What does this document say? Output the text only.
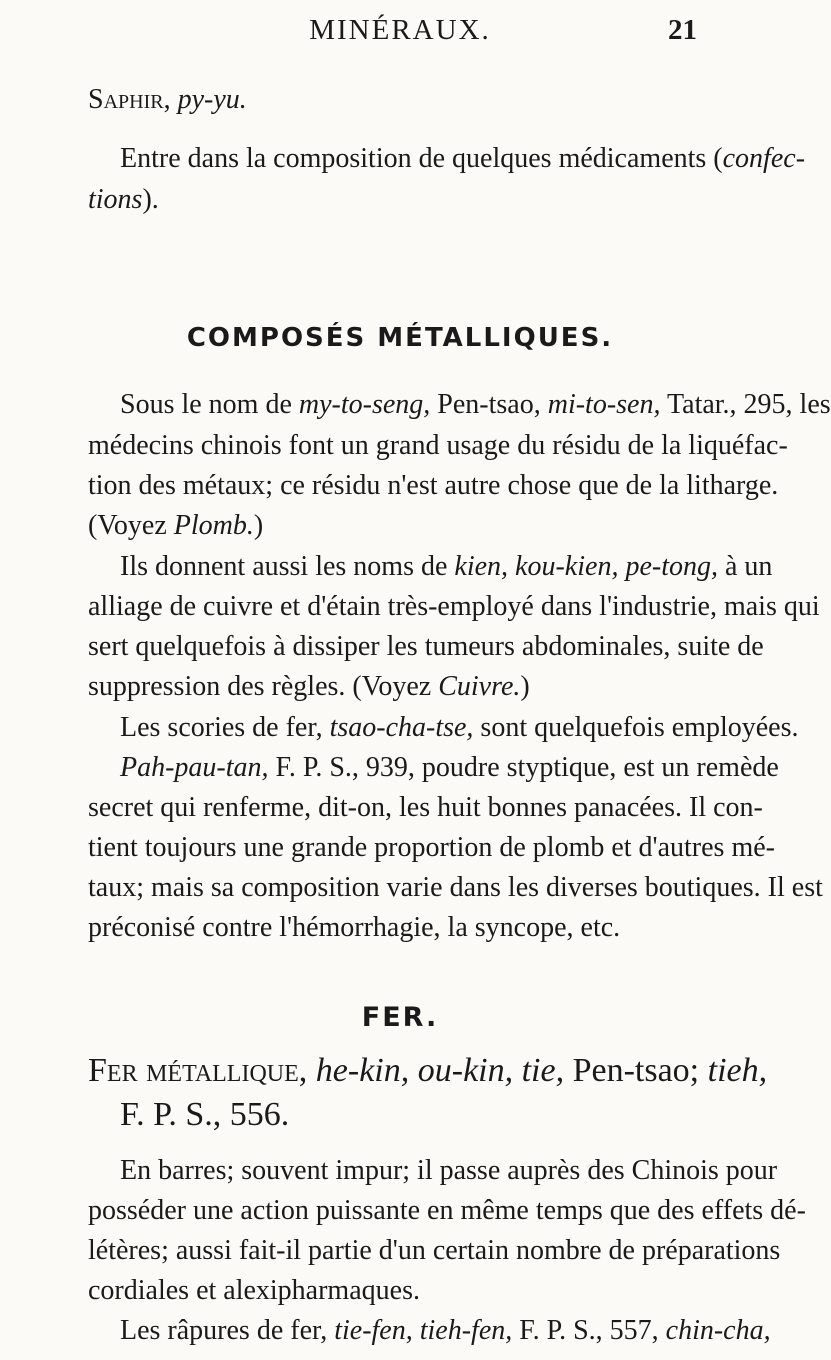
MINÉRAUX.	21
Saphir, py-yu.
Entre dans la composition de quelques médicaments (confec-
tions).
COMPOSÉS MÉTALLIQUES.
Sous le nom de my-to-seng, Pen-tsao, mi-to-sen, Tatar., 295, les
médecins chinois font un grand usage du résidu de la liquéfac-
tion des métaux; ce résidu n'est autre chose que de la litharge.
(Voyez Plomb.)
Ils donnent aussi les noms de kien, kou-kien, pe-tong, à un
alliage de cuivre et d'étain très-employé dans l'industrie, mais qui
sert quelquefois à dissiper les tumeurs abdominales, suite de
suppression des règles. (Voyez Cuivre.)
Les scories de fer, tsao-cha-tse, sont quelquefois employées.
Pah-pau-tan, F. P. S., 939, poudre styptique, est un remède
secret qui renferme, dit-on, les huit bonnes panacées. Il con-
tient toujours une grande proportion de plomb et d'autres mé-
taux; mais sa composition varie dans les diverses boutiques. Il est
préconisé contre l'hémorrhagie, la syncope, etc.
FER.
Fer métallique, he-kin, ou-kin, tie, Pen-tsao; tieh,
F. P. S., 556.
En barres; souvent impur; il passe auprès des Chinois pour
posséder une action puissante en même temps que des effets dé-
létères; aussi fait-il partie d'un certain nombre de préparations
cordiales et alexipharmaques.
Les râpures de fer, tie-fen, tieh-fen, F. P. S., 557, chin-cha,
